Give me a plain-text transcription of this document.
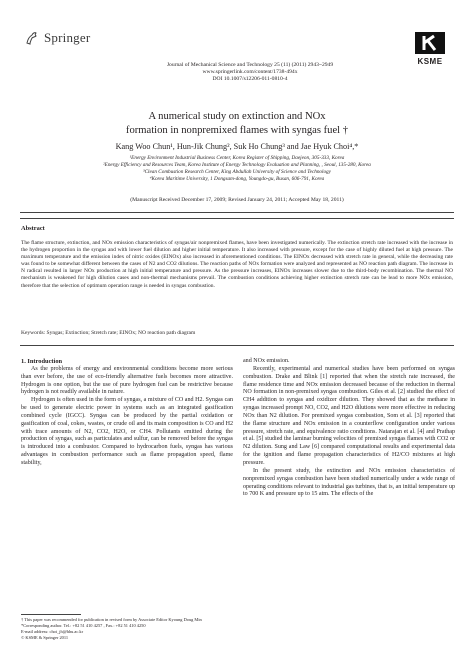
Springer
Journal of Mechanical Science and Technology 25 (11) (2011) 2943~2949
www.springerlink.com/content/1738-494x
DOI 10.1007/s12206-011-0810-4
KSME
A numerical study on extinction and NOx
formation in nonpremixed flames with syngas fuel †
Kang Woo Chun¹, Hun-Jik Chung², Suk Ho Chung³ and Jae Hyuk Choi⁴,*
¹Energy Environment Industrial Business Center, Korea Register of Shipping, Daejeon, 305-333, Korea
²Energy Efficiency and Resources Team, Korea Institute of Energy Technology Evaluation and Planning, , Seoul, 135-280, Korea
³Clean Combustion Research Center, King Abdullah University of Science and Technology
⁴Korea Maritime University, 1 Dongsam-dong, Youngdo-gu, Busan, 606-791, Korea
(Manuscript Received December 17, 2009; Revised January 24, 2011; Accepted May 18, 2011)
Abstract
The flame structure, extinction, and NOx emission characteristics of syngas/air nonpremixed flames, have been investigated numerically. The extinction stretch rate increased with the increase in the hydrogen proportion in the syngas and with lower fuel dilution and higher initial temperature. It also increased with pressure, except for the case of highly diluted fuel at high pressure. The maximum temperature and the emission index of nitric oxides (EINOx) also increased in aforementioned conditions. The EINOx decreased with stretch rate in general, while the decreasing rate was found to be somewhat different between the cases of N2 and CO2 dilutions. The reaction paths of NOx formation were analyzed and represented as NO reaction path diagram. The increase in N radical resulted in larger NOx production at high initial temperature and pressure. As the pressure increases, EINOx increases slower due to the third-body recombination. The thermal NO mechanism is weakened for high dilution cases and non-thermal mechanisms prevail. The combustion conditions achieving higher extinction stretch rate can be lead to more NOx emission, therefore that the selection of optimum operation range is needed in syngas combustion.
Keywords: Syngas; Extinction; Stretch rate; EINOx; NO reaction path diagram

1. Introduction

As the problems of energy and environmental conditions become more serious than ever before, the use of eco-friendly alternative fuels becomes more attractive. Hydrogen is one option, but the use of pure hydrogen fuel can be restrictive because hydrogen is not readily available in nature.

Hydrogen is often used in the form of syngas, a mixture of CO and H2. Syngas can be used to generate electric power in systems such as an integrated gasification combined cycle (IGCC). Syngas can be produced by the partial oxidation or gasification of coal, cokes, wastes, or crude oil and its main composition is CO and H2 with trace amounts of N2, CO2, H2O, or CH4. Pollutants emitted during the production of syngas, such as particulates and sulfur, can be removed before the syngas is introduced into a combustor. Compared to hydrocarbon fuels, syngas has various advantages in combustion performance such as flame propagation speed, flame stability,

and NOx emission.

Recently, experimental and numerical studies have been performed on syngas combustion. Drake and Blink [1] reported that when the stretch rate increased, the flame residence time and NOx emission decreased because of the reduction in thermal NO formation in non-premixed syngas combustion. Giles et al. [2] studied the effect of CH4 addition to syngas and oxidizer dilution. They showed that as the methane in syngas increased prompt NO, CO2, and H2O dilutions were more effective in reducing NOx than N2 dilution. For premixed syngas combustion, Som et al. [3] reported that the flame structure and NOx emission in a counterflow configuration under various pressure, stretch rate, and equivalence ratio conditions. Natarajan et al. [4] and Prathap et al. [5] studied the laminar burning velocities of premixed syngas flames with CO2 or N2 dilution. Sung and Law [6] compared computational results and experimental data for the ignition and flame propagation characteristics of H2/CO mixtures at high pressure.

In the present study, the extinction and NOx emission characteristics of nonpremixed syngas combustion have been studied numerically under a wide range of operating conditions relevant to industrial gas turbines, that is, an initial temperature up to 700 K and pressure up to 15 atm. The effects of the

† This paper was recommended for publication in revised form by Associate Editor Kyoung Doug Min
*Corresponding author. Tel.: +82 51 410 4257 , Fax.: +82 51 410 4250
E-mail address: choi_jh@hhu.ac.kr
© KSME & Springer 2011
